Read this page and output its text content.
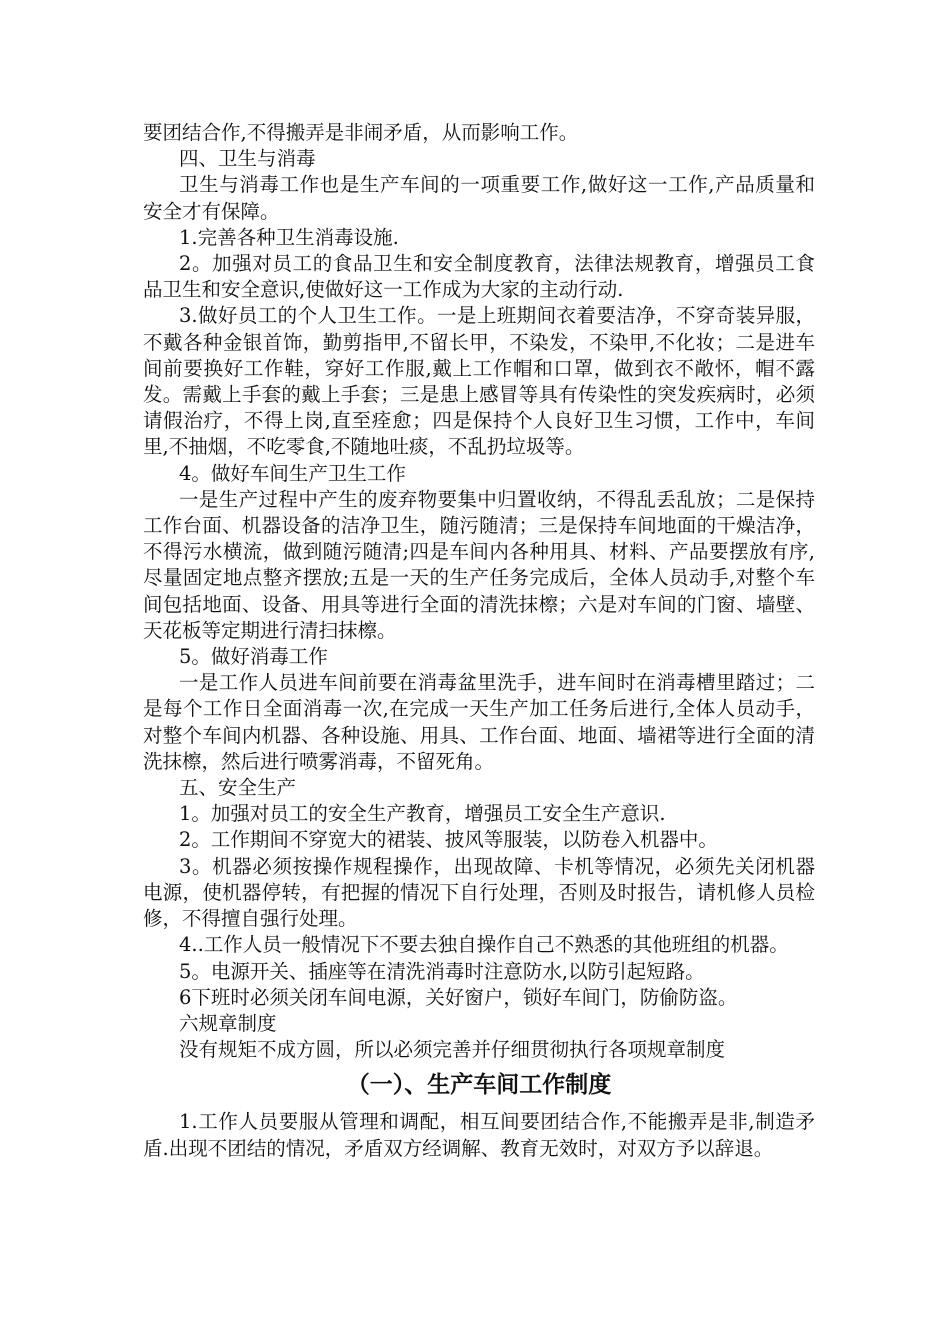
要团结合作,不得搬弄是非闹矛盾，从而影响工作。

四、卫生与消毒

卫生与消毒工作也是生产车间的一项重要工作,做好这一工作,产品质量和安全才有保障。

1.完善各种卫生消毒设施.

2。加强对员工的食品卫生和安全制度教育，法律法规教育，增强员工食品卫生和安全意识,使做好这一工作成为大家的主动行动.

3.做好员工的个人卫生工作。一是上班期间衣着要洁净，不穿奇装异服，不戴各种金银首饰，勤剪指甲,不留长甲，不染发，不染甲,不化妆；二是进车间前要换好工作鞋，穿好工作服,戴上工作帽和口罩，做到衣不敞怀，帽不露发。需戴上手套的戴上手套；三是患上感冒等具有传染性的突发疾病时，必须请假治疗，不得上岗,直至痊愈；四是保持个人良好卫生习惯，工作中，车间里,不抽烟，不吃零食,不随地吐痰，不乱扔垃圾等。

4。做好车间生产卫生工作

一是生产过程中产生的废弃物要集中归置收纳，不得乱丢乱放；二是保持工作台面、机器设备的洁净卫生，随污随清；三是保持车间地面的干燥洁净，不得污水横流，做到随污随清;四是车间内各种用具、材料、产品要摆放有序,尽量固定地点整齐摆放;五是一天的生产任务完成后，全体人员动手,对整个车间包括地面、设备、用具等进行全面的清洗抹檫；六是对车间的门窗、墙壁、天花板等定期进行清扫抹檫。

5。做好消毒工作

一是工作人员进车间前要在消毒盆里洗手，进车间时在消毒槽里踏过；二是每个工作日全面消毒一次,在完成一天生产加工任务后进行,全体人员动手，对整个车间内机器、各种设施、用具、工作台面、地面、墙裙等进行全面的清洗抹檫，然后进行喷雾消毒，不留死角。

五、安全生产

1。加强对员工的安全生产教育，增强员工安全生产意识.

2。工作期间不穿宽大的裙装、披风等服装，以防卷入机器中。

3。机器必须按操作规程操作，出现故障、卡机等情况，必须先关闭机器电源，使机器停转，有把握的情况下自行处理，否则及时报告，请机修人员检修，不得擅自强行处理。

4..工作人员一般情况下不要去独自操作自己不熟悉的其他班组的机器。

5。电源开关、插座等在清洗消毒时注意防水,以防引起短路。

6下班时必须关闭车间电源，关好窗户，锁好车间门，防偷防盗。

六规章制度

没有规矩不成方圆，所以必须完善并仔细贯彻执行各项规章制度

（一）、生产车间工作制度

1.工作人员要服从管理和调配，相互间要团结合作,不能搬弄是非,制造矛盾.出现不团结的情况，矛盾双方经调解、教育无效时，对双方予以辞退。
